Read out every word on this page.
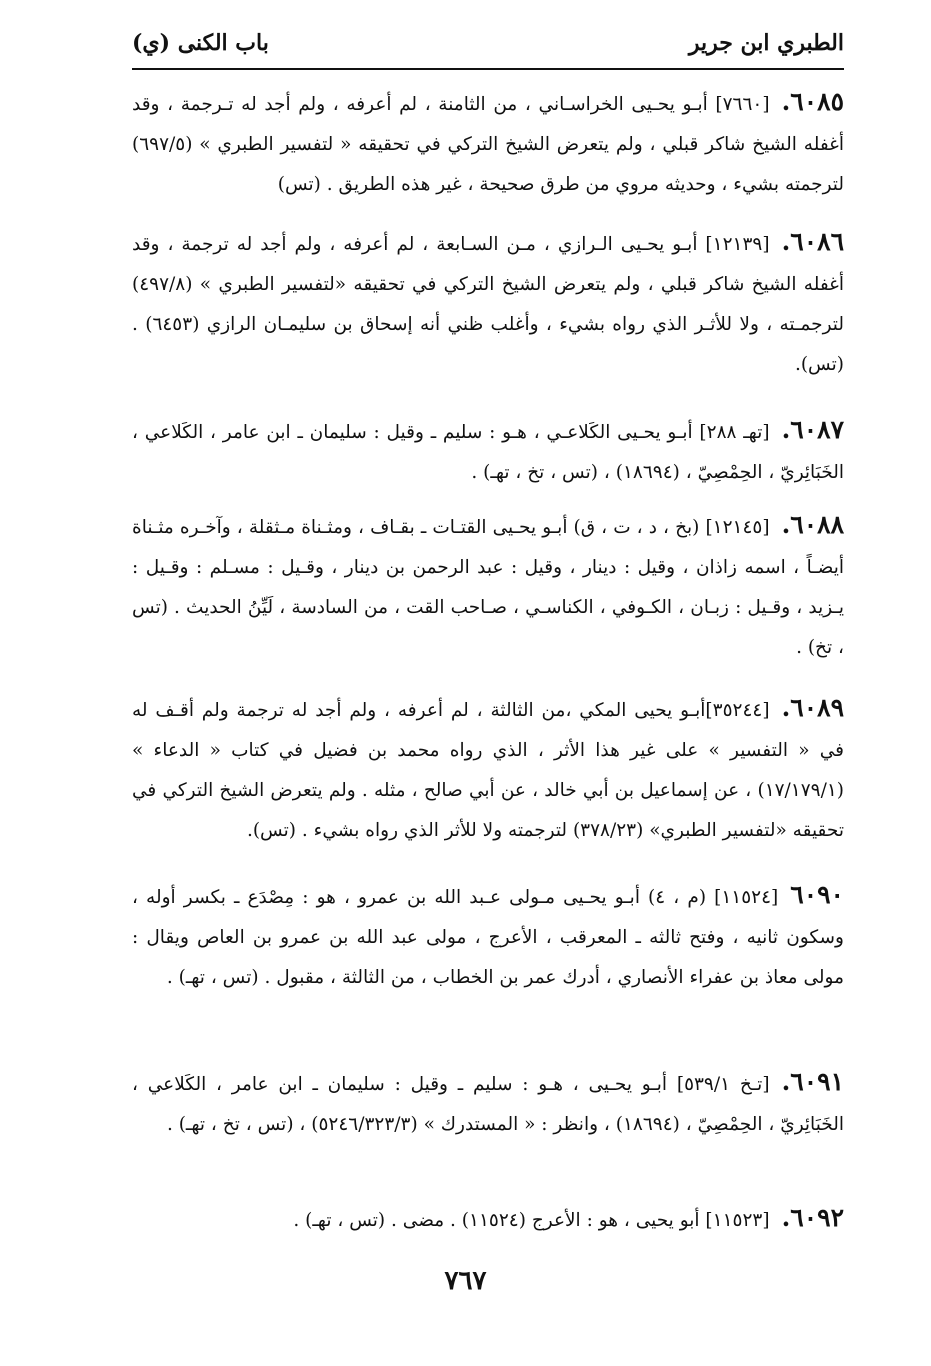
الطبري ابن جرير
باب الكنى (ي)

٦٠٨٥.[٧٦٦٠] أبـو يحـيى الخراسـاني ، من الثامنة ، لم أعرفه ، ولم أجد له تـرجمة ، وقد أغفله الشيخ شاكر قبلي ، ولم يتعرض الشيخ التركي في تحقيقه « لتفسير الطبري » (٦٩٧/٥) لترجمته بشيء ، وحديثه مروي من طرق صحيحة ، غير هذه الطريق . (تس)

٦٠٨٦.[١٢١٣٩] أبـو يحـيى الـرازي ، مـن السـابعة ، لم أعرفه ، ولم أجد له ترجمة ، وقد أغفله الشيخ شاكر قبلي ، ولم يتعرض الشيخ التركي في تحقيقه «لتفسير الطبري » (٤٩٧/٨) لترجمـته ، ولا للأثـر الذي رواه بشيء ، وأغلب ظني أنه إسحاق بن سليمـان الرازي (٦٤٥٣) . (تس).

٦٠٨٧.[تهـ ٢٨٨] أبـو يحـيى الكَلاعـي ، هـو : سليم ـ وقيل : سليمان ـ ابن عامر ، الكَلاعي ، الخَبَائِريّ ، الحِمْصِيّ ، (١٨٦٩٤) ، (تس ، تخ ، تهـ) .

٦٠٨٨.[١٢١٤٥] (بخ ، د ، ت ، ق) أبـو يحـيى القتـات ـ بقـاف ، ومثـناة مـثقلة ، وآخـره مثـناة أيضـاً ، اسمه زاذان ، وقيل : دينار ، وقيل : عبد الرحمن بن دينار ، وقـيل : مسـلم : وقـيل : يـزيد ، وقـيل : زبـان ، الكـوفي ، الكناسـي ، صـاحب القت ، من السادسة ، لَيِّنُ الحديث . (تس ، تخ) .

٦٠٨٩.[٣٥٢٤٤]أبـو يحيى المكي ،من الثالثة ، لم أعرفه ، ولم أجد له ترجمة ولم أقـف له في « التفسير » على غير هذا الأثر ، الذي رواه محمد بن فضيل في كتاب « الدعاء » (١٧/١٧٩/١) ، عن إسماعيل بن أبي خالد ، عن أبي صالح ، مثله . ولم يتعرض الشيخ التركي في تحقيقه «لتفسير الطبري» (٣٧٨/٢٣) لترجمته ولا للأثر الذي رواه بشيء . (تس).

٦٠٩٠[١١٥٢٤] (م ، ٤) أبـو يحـيى مـولى عـبد الله بن عمرو ، هو : مِصْدَع ـ بكسر أوله ، وسكون ثانيه ، وفتح ثالثه ـ المعرقب ، الأعرج ، مولى عبد الله بن عمرو بن العاص ويقال : مولى معاذ بن عفراء الأنصاري ، أدرك عمر بن الخطاب ، من الثالثة ، مقبول . (تس ، تهـ) .

٦٠٩١.[تـخ ٥٣٩/١] أبـو يحـيى ، هـو : سليم ـ وقيل : سليمان ـ ابن عامر ، الكَلاعي ، الخَبَائِريّ ، الحِمْصِيّ ، (١٨٦٩٤) ، وانظر : « المستدرك » (٥٢٤٦/٣٢٣/٣) ، (تس ، تخ ، تهـ) .

٦٠٩٢.[١١٥٢٣] أبو يحيى ، هو : الأعرج (١١٥٢٤) . مضى . (تس ، تهـ) .

٧٦٧
